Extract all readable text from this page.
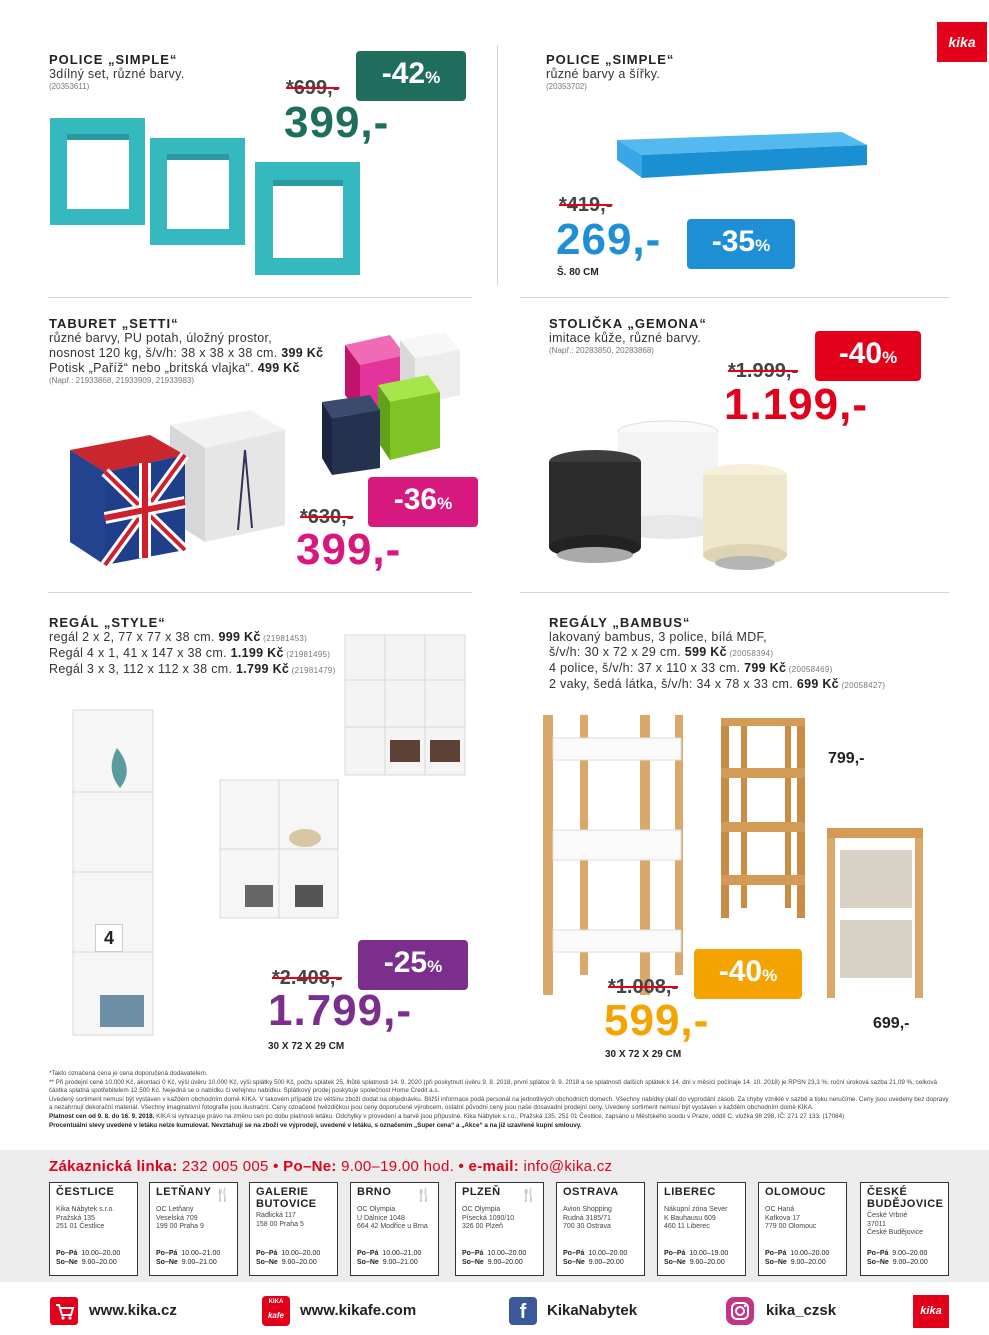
kika
POLICE „SIMPLE“
3dílný set, různé barvy.
(20353611)	*699,-	-42%
399,-
POLICE „SIMPLE“
různé barvy a šířky.
(20353702)
*419,-
269,-	-35%
Š. 80 CM
TABURET „SETTI“
různé barvy, PU potah, úložný prostor,
nosnost 120 kg, š/v/h: 38 x 38 x 38 cm. 399 Kč
Potisk „Paříž“ nebo „britská vlajka“. 499 Kč
(Např.: 21933868, 21933909, 21933983)
-36%
*630,-
399,-
STOLIČKA „GEMONA“
imitace kůže, různé barvy.
(Např.: 20283850, 20283868)	-40%
*1.999,-
1.199,-
REGÁL „STYLE“
regál 2 x 2, 77 x 77 x 38 cm. 999 Kč (21981453)
Regál 4 x 1, 41 x 147 x 38 cm. 1.199 Kč (21981495)
Regál 3 x 3, 112 x 112 x 38 cm. 1.799 Kč (21981479)
4
-25%
*2.408,-
1.799,-
30 X 72 X 29 CM
REGÁLY „BAMBUS“
lakovaný bambus, 3 police, bílá MDF,
š/v/h: 30 x 72 x 29 cm. 599 Kč (20058394)
4 police, š/v/h: 37 x 110 x 33 cm. 799 Kč (20058469)
2 vaky, šedá látka, š/v/h: 34 x 78 x 33 cm. 699 Kč (20058427)
799,-
-40%
*1.008,-
599,-
30 X 72 X 29 CM
699,-
*Takto označená cena je cena doporučená dodavatelem.
** Při prodejní ceně 10.000 Kč, akontaci 0 Kč, výši úvěru 10.000 Kč, výši splátky 500 Kč, počtu splátek 25, lhůtě splatnosti 14. 9. 2020 (při poskytnutí úvěru 9. 8. 2018, první splátce 9. 9. 2018 a se splatností dalších splátek k 14. dni v měsíci počínaje 14. 10. 2018) je RPSN 23,3 %, roční úroková sazba 21,09 %, celková částka splatná spotřebitelem 12.500 Kč. Nejedná se o nabídku či veřejnou nabídku. Splátkový prodej poskytuje společnost Home Credit a.s.
Uvedený sortiment nemusí být vystaven v každém obchodním domě KIKA. V takovém případě lze většinu zboží dodat na objednávku. Bližší informace podá personál na jednotlivých obchodních domech. Všechny nabídky platí do vyprodání zásob. Za chyby vzniklé v sazbě a tisku neručíme. Ceny jsou uvedeny bez dopravy a nezahrnují dekorační materiál. Všechny imaginativní fotografie jsou ilustrační. Ceny označené hvězdičkou jsou ceny doporučené výrobcem, ostatní původní ceny jsou naše dosavadní prodejní ceny. Uvedený sortiment nemusí být vystaven v každém obchodním domě KIKA.
Platnost cen od 9. 8. do 16. 9. 2018. KIKA si vyhrazuje právo na změnu cen po dobu platnosti letáku. Odchylky v provedení a barvě jsou přípustné. Kika Nábytek s.r.o., Pražská 135, 251 01 Čestlice, zapsáno u Městského soudu v Praze, oddíl C, vložka 98 298, IČ: 271 27 133. (17084)
Procentuální slevy uvedené v letáku nelze kumulovat. Nevztahují se na zboží ve výprodeji, uvedené v letáku, s označením „Super cena“ a „Akce“ a na již uzavřené kupní smlouvy.
Zákaznická linka: 232 005 005 • Po–Ne: 9.00–19.00 hod. • e-mail: info@kika.cz
ČESTLICE
Kika Nábytek s.r.o.
Pražská 135
251 01 Čestlice
Po–Pá 10.00–20.00
So–Ne 9.00–20.00
🍴
LETŇANY
OC Letňany
Veselská 709
199 00 Praha 9
Po–Pá 10.00–21.00
So–Ne 9.00–21.00
GALERIE BUTOVICE
Radlická 117
158 00 Praha 5
Po–Pá 10.00–20.00
So–Ne 9.00–20.00
🍴
BRNO
OC Olympia
U Dálnice 1048
664 42 Modřice u Brna
Po–Pá 10.00–21.00
So–Ne 9.00–21.00
🍴
PLZEŇ
OC Olympia
Písecká 1090/10
326 00 Plzeň
Po–Pá 10.00–20.00
So–Ne 9.00–20.00
OSTRAVA
Avion Shopping
Rudná 3185/71
700 30 Ostrava
Po–Pá 10.00–20.00
So–Ne 9.00–20.00
LIBEREC
Nákupní zóna Sever
K Bauhausu 609
460 11 Liberec
Po–Pá 10.00–19.00
So–Ne 9.00–20.00
OLOMOUC
OC Haná
Kafkova 17
779 00 Olomouc
Po–Pá 10.00–20.00
So–Ne 9.00–20.00
ČESKÉ BUDĚJOVICE
České Vrbné
37011
České Budějovice
Po–Pá 9.00–20.00
So–Ne 9.00–20.00
www.kika.cz	KIKA
kafe	www.kikafe.com	f	KikaNabytek	kika_czsk	kika
